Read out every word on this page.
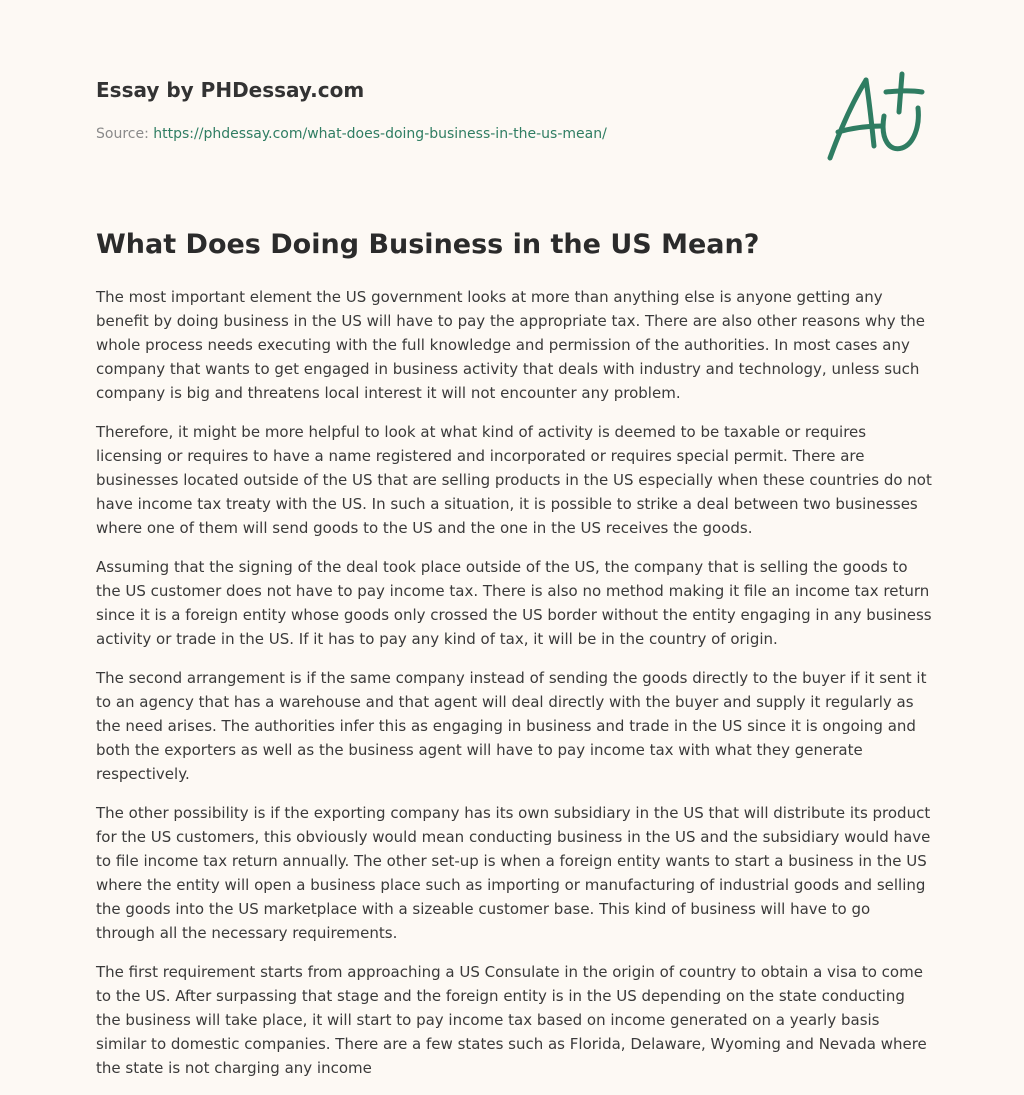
Essay by PHDessay.com
Source: https://phdessay.com/what-does-doing-business-in-the-us-mean/
What Does Doing Business in the US Mean?

The most important element the US government looks at more than anything else is anyone getting any benefit by doing business in the US will have to pay the appropriate tax. There are also other reasons why the whole process needs executing with the full knowledge and permission of the authorities. In most cases any company that wants to get engaged in business activity that deals with industry and technology, unless such company is big and threatens local interest it will not encounter any problem.

Therefore, it might be more helpful to look at what kind of activity is deemed to be taxable or requires licensing or requires to have a name registered and incorporated or requires special permit. There are businesses located outside of the US that are selling products in the US especially when these countries do not have income tax treaty with the US. In such a situation, it is possible to strike a deal between two businesses where one of them will send goods to the US and the one in the US receives the goods.

Assuming that the signing of the deal took place outside of the US, the company that is selling the goods to the US customer does not have to pay income tax. There is also no method making it file an income tax return since it is a foreign entity whose goods only crossed the US border without the entity engaging in any business activity or trade in the US. If it has to pay any kind of tax, it will be in the country of origin.

The second arrangement is if the same company instead of sending the goods directly to the buyer if it sent it to an agency that has a warehouse and that agent will deal directly with the buyer and supply it regularly as the need arises. The authorities infer this as engaging in business and trade in the US since it is ongoing and both the exporters as well as the business agent will have to pay income tax with what they generate respectively.

The other possibility is if the exporting company has its own subsidiary in the US that will distribute its product for the US customers, this obviously would mean conducting business in the US and the subsidiary would have to file income tax return annually. The other set-up is when a foreign entity wants to start a business in the US where the entity will open a business place such as importing or manufacturing of industrial goods and selling the goods into the US marketplace with a sizeable customer base. This kind of business will have to go through all the necessary requirements.

The first requirement starts from approaching a US Consulate in the origin of country to obtain a visa to come to the US. After surpassing that stage and the foreign entity is in the US depending on the state conducting the business will take place, it will start to pay income tax based on income generated on a yearly basis similar to domestic companies. There are a few states such as Florida, Delaware, Wyoming and Nevada where the state is not charging any income
